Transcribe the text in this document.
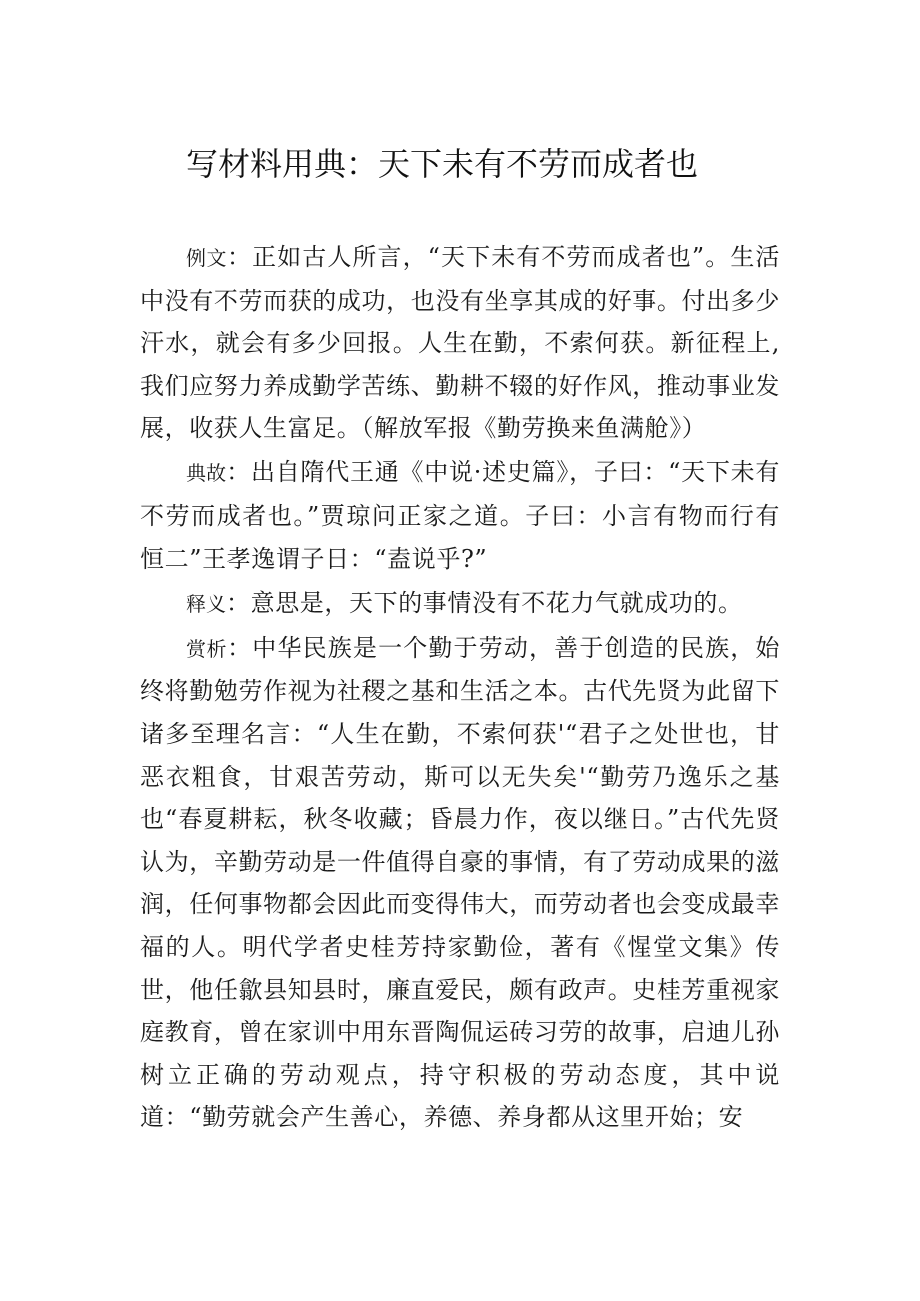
写材料用典：天下未有不劳而成者也

例文：正如古人所言，“天下未有不劳而成者也”。生活中没有不劳而获的成功，也没有坐享其成的好事。付出多少汗水，就会有多少回报。人生在勤，不索何获。新征程上,我们应努力养成勤学苦练、勤耕不辍的好作风，推动事业发展，收获人生富足。（解放军报《勤劳换来鱼满舱》）

典故：出自隋代王通《中说·述史篇》，子曰：“天下未有不劳而成者也。”贾琼问正家之道。子曰：小言有物而行有恒二”王孝逸谓子日：“盍说乎?”

释义：意思是，天下的事情没有不花力气就成功的。

赏析：中华民族是一个勤于劳动，善于创造的民族，始终将勤勉劳作视为社稷之基和生活之本。古代先贤为此留下诸多至理名言：“人生在勤，不索何获'“君子之处世也，甘恶衣粗食，甘艰苦劳动，斯可以无失矣'“勤劳乃逸乐之基也“春夏耕耘，秋冬收藏；昏晨力作，夜以继日。”古代先贤认为，辛勤劳动是一件值得自豪的事情，有了劳动成果的滋润，任何事物都会因此而变得伟大，而劳动者也会变成最幸福的人。明代学者史桂芳持家勤俭，著有《惺堂文集》传世，他任歙县知县时，廉直爱民，颇有政声。史桂芳重视家庭教育，曾在家训中用东晋陶侃运砖习劳的故事，启迪儿孙树立正确的劳动观点，持守积极的劳动态度，其中说道：“勤劳就会产生善心，养德、养身都从这里开始；安
